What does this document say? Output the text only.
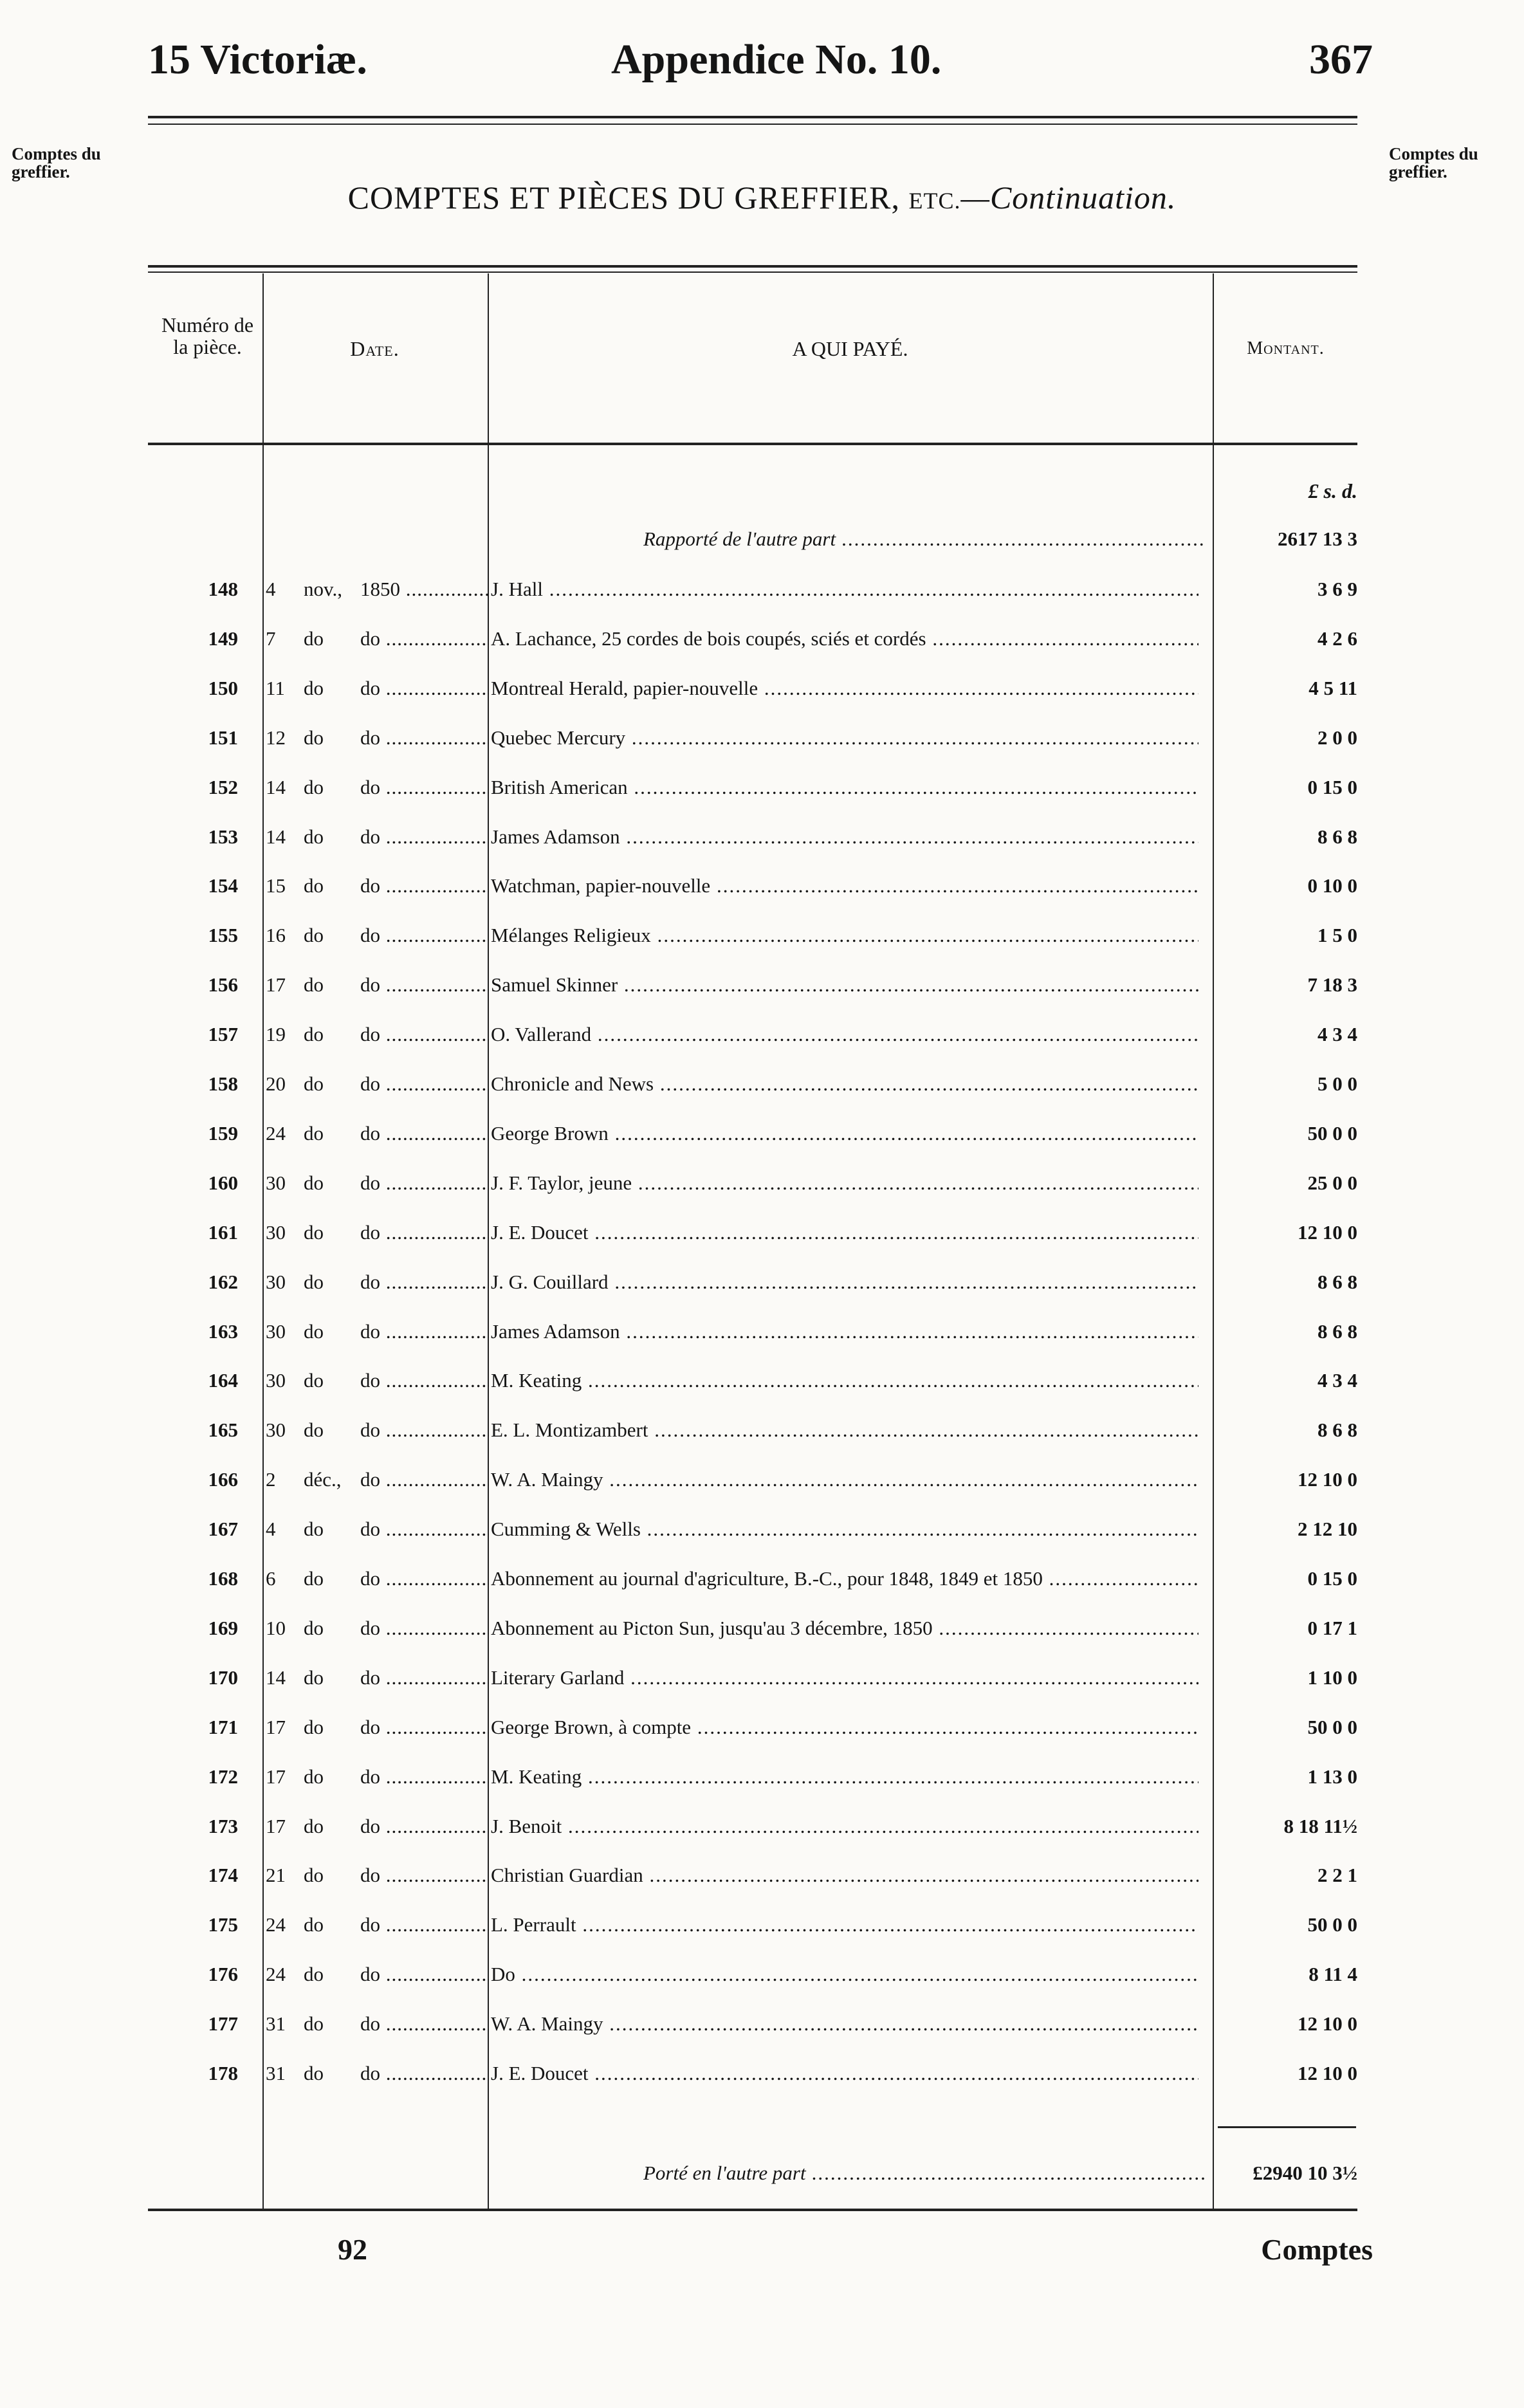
15 Victoriæ.	Appendice No. 10.	367
Comptes du greffier.
Comptes du greffier.
COMPTES ET PIÈCES DU GREFFIER, ETC.—Continuation.
Numéro de la pièce.	Date.	A QUI PAYÉ.	Montant.
£ s. d.
Rapporté de l'autre part .....	2617 13 3
148 4	nov., 1850 .....	J. Hall .....	3 6 9
149 7	do	do .....	A. Lachance, 25 cordes de bois coupés, sciés et cordés .....	4 2 6
150 11 do	do .....	Montreal Herald, papier-nouvelle .....	4 5 11
151 12 do	do .....	Quebec Mercury .....	2 0 0
152 14 do	do .....	British American .....	0 15 0
153 14 do	do .....	James Adamson .....	8 6 8
154 15 do	do .....	Watchman, papier-nouvelle .....	0 10 0
155 16 do	do .....	Mélanges Religieux .....	1 5 0
156 17 do	do .....	Samuel Skinner .....	7 18 3
157 19 do	do .....	O. Vallerand .....	4 3 4
158 20 do	do .....	Chronicle and News .....	5 0 0
159 24 do	do .....	George Brown .....	50 0 0
160 30 do	do .....	J. F. Taylor, jeune .....	25 0 0
161 30 do	do .....	J. E. Doucet .....	12 10 0
162 30 do	do .....	J. G. Couillard .....	8 6 8
163 30 do	do .....	James Adamson .....	8 6 8
164 30 do	do .....	M. Keating .....	4 3 4
165 30 do	do .....	E. L. Montizambert .....	8 6 8
166 2	déc., do .....	W. A. Maingy .....	12 10 0
167 4	do	do .....	Cumming & Wells .....	2 12 10
168 6	do	do .....	Abonnement au journal d'agriculture, B.-C., pour 1848, 1849 et 1850 .....	0 15 0
169 10 do	do .....	Abonnement au Picton Sun, jusqu'au 3 décembre, 1850 .....	0 17 1
170 14 do	do .....	Literary Garland .....	1 10 0
171 17 do	do .....	George Brown, à compte .....	50 0 0
172 17 do	do .....	M. Keating .....	1 13 0
173 17 do	do .....	J. Benoit .....	8 18 11½
174 21 do	do .....	Christian Guardian .....	2 2 1
175 24 do	do .....	L. Perrault .....	50 0 0
176 24 do	do .....	Do .....	8 11 4
177 31 do	do .....	W. A. Maingy .....	12 10 0
178 31 do	do .....	J. E. Doucet .....	12 10 0
Porté en l'autre part .....	£2940 10 3½
92	Comptes
